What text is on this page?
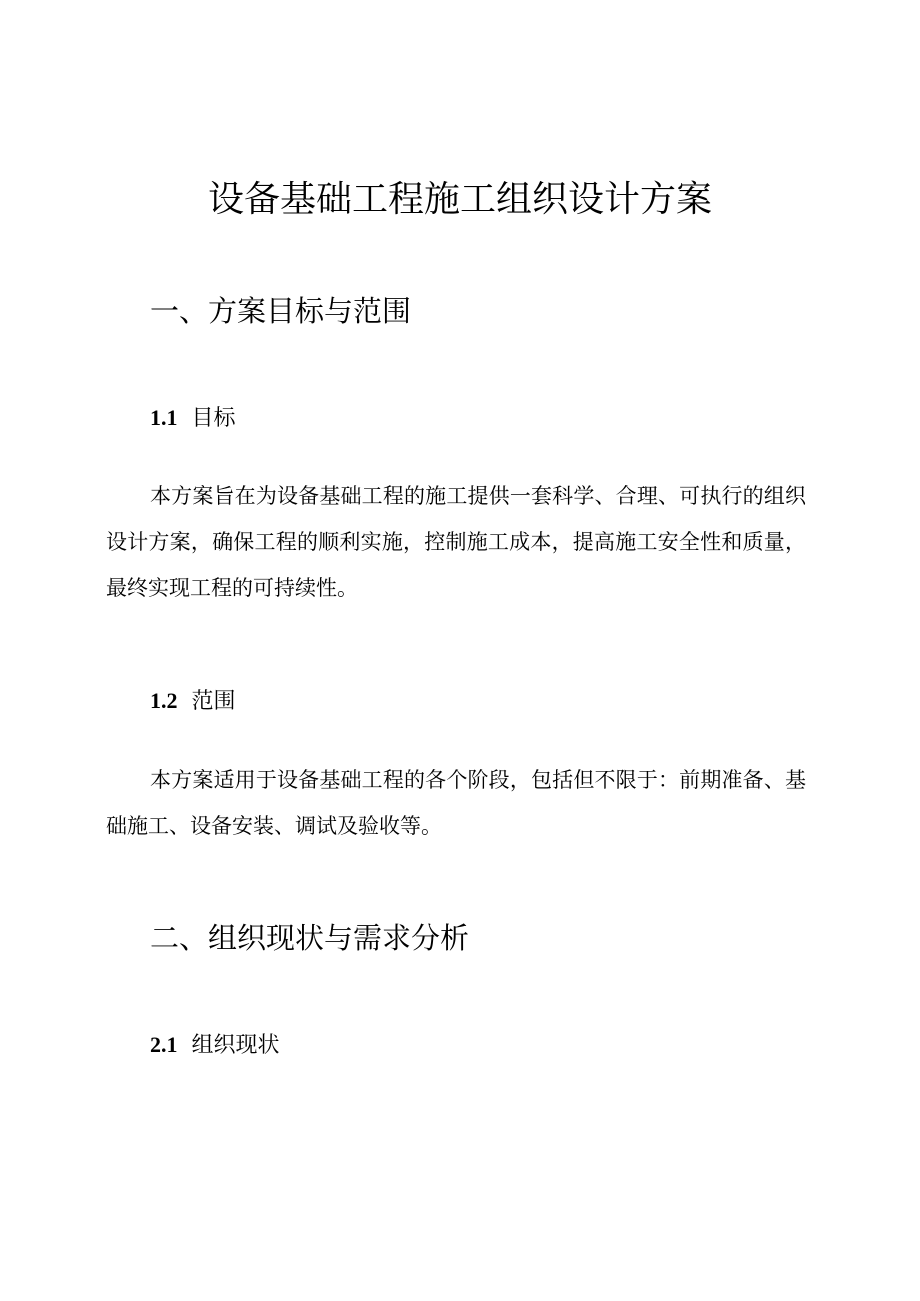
设备基础工程施工组织设计方案
一、方案目标与范围
1.1 目标

本方案旨在为设备基础工程的施工提供一套科学、合理、可执行的组织设计方案，确保工程的顺利实施，控制施工成本，提高施工安全性和质量，最终实现工程的可持续性。

1.2 范围

本方案适用于设备基础工程的各个阶段，包括但不限于：前期准备、基础施工、设备安装、调试及验收等。

二、组织现状与需求分析
2.1 组织现状
